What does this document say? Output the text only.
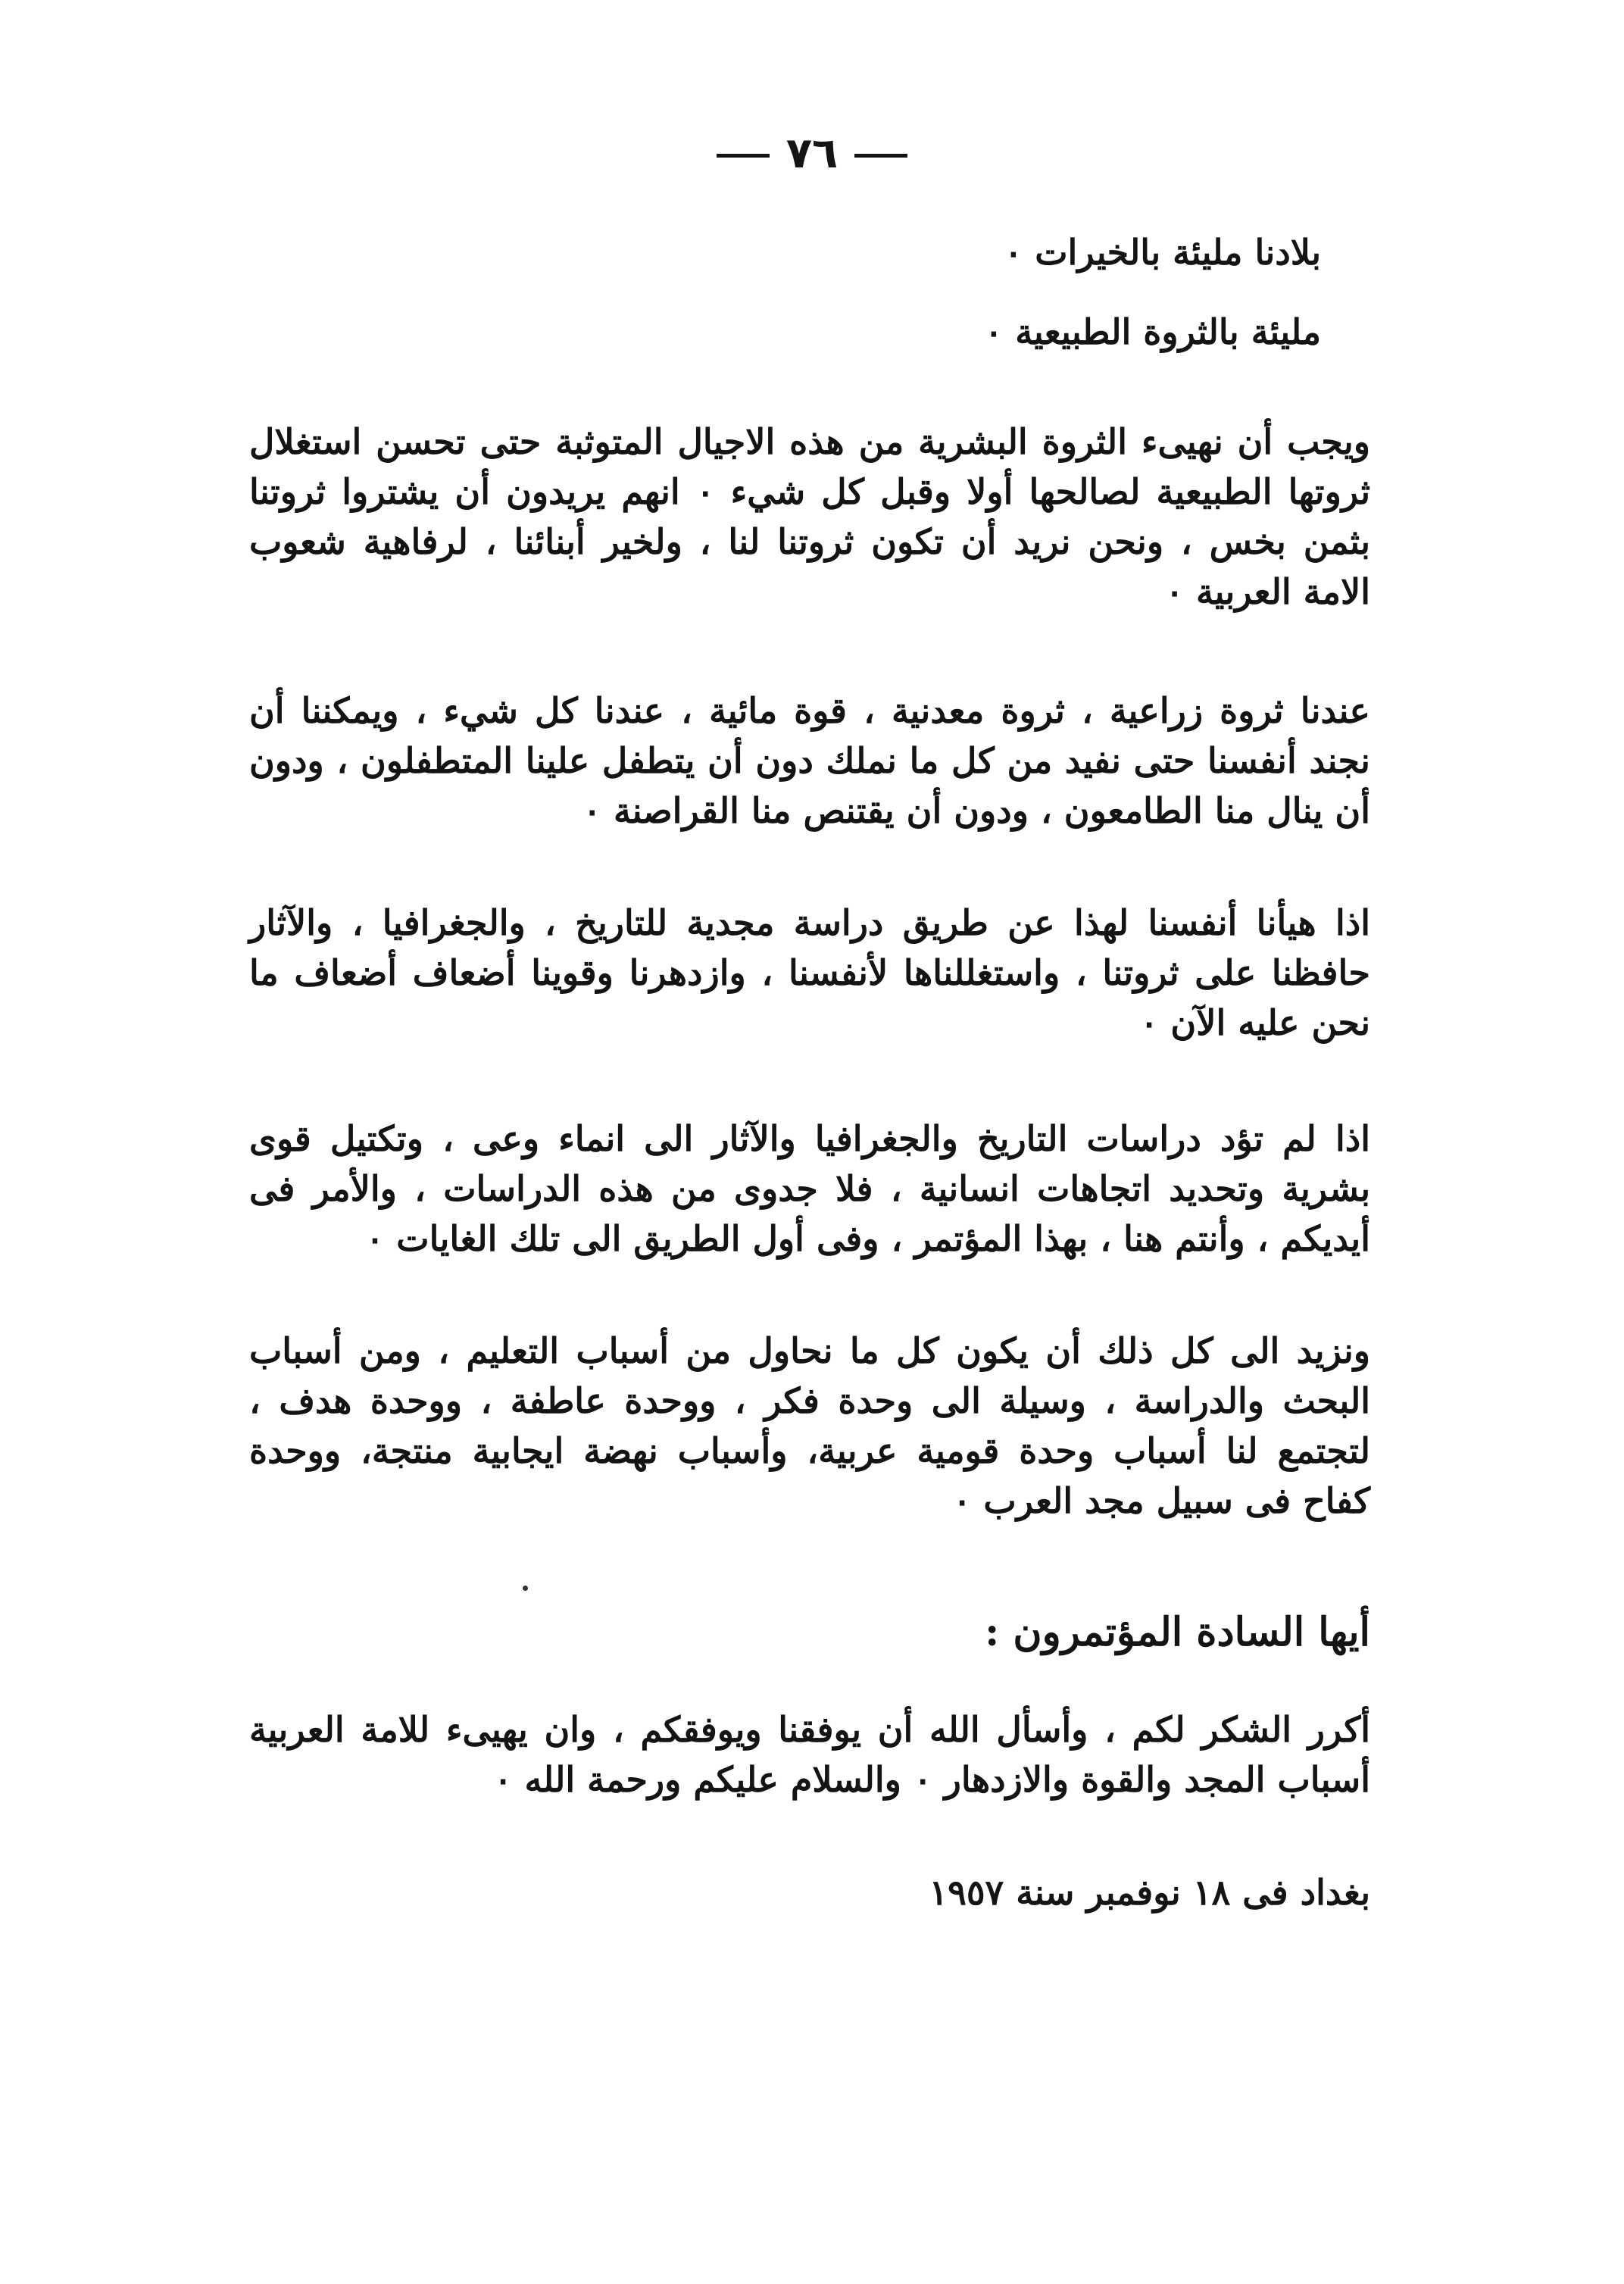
٧٦
بلادنا مليئة بالخيرات ٠
مليئة بالثروة الطبيعية ٠
ويجب أن نهيىء الثروة البشرية من هذه الاجيال المتوثبة حتى تحسن استغلال ثروتها الطبيعية لصالحها أولا وقبل كل شيء ٠ انهم يريدون أن يشتروا ثروتنا بثمن بخس ، ونحن نريد أن تكون ثروتنا لنا ، ولخير أبنائنا ، لرفاهية شعوب الامة العربية ٠
عندنا ثروة زراعية ، ثروة معدنية ، قوة مائية ، عندنا كل شيء ، ويمكننا أن نجند أنفسنا حتى نفيد من كل ما نملك دون أن يتطفل علينا المتطفلون ، ودون أن ينال منا الطامعون ، ودون أن يقتنص منا القراصنة ٠
اذا هيأنا أنفسنا لهذا عن طريق دراسة مجدية للتاريخ ، والجغرافيا ، والآثار حافظنا على ثروتنا ، واستغللناها لأنفسنا ، وازدهرنا وقوينا أضعاف أضعاف ما نحن عليه الآن ٠
اذا لم تؤد دراسات التاريخ والجغرافيا والآثار الى انماء وعى ، وتكتيل قوى بشرية وتحديد اتجاهات انسانية ، فلا جدوى من هذه الدراسات ، والأمر فى أيديكم ، وأنتم هنا ، بهذا المؤتمر ، وفى أول الطريق الى تلك الغايات ٠
ونزيد الى كل ذلك أن يكون كل ما نحاول من أسباب التعليم ، ومن أسباب البحث والدراسة ، وسيلة الى وحدة فكر ، ووحدة عاطفة ، ووحدة هدف ، لتجتمع لنا أسباب وحدة قومية عربية، وأسباب نهضة ايجابية منتجة، ووحدة كفاح فى سبيل مجد العرب ٠
أيها السادة المؤتمرون :
أكرر الشكر لكم ، وأسأل الله أن يوفقنا ويوفقكم ، وان يهيىء للامة العربية أسباب المجد والقوة والازدهار ٠ والسلام عليكم ورحمة الله ٠
بغداد فى ١٨ نوفمبر سنة ١٩٥٧
